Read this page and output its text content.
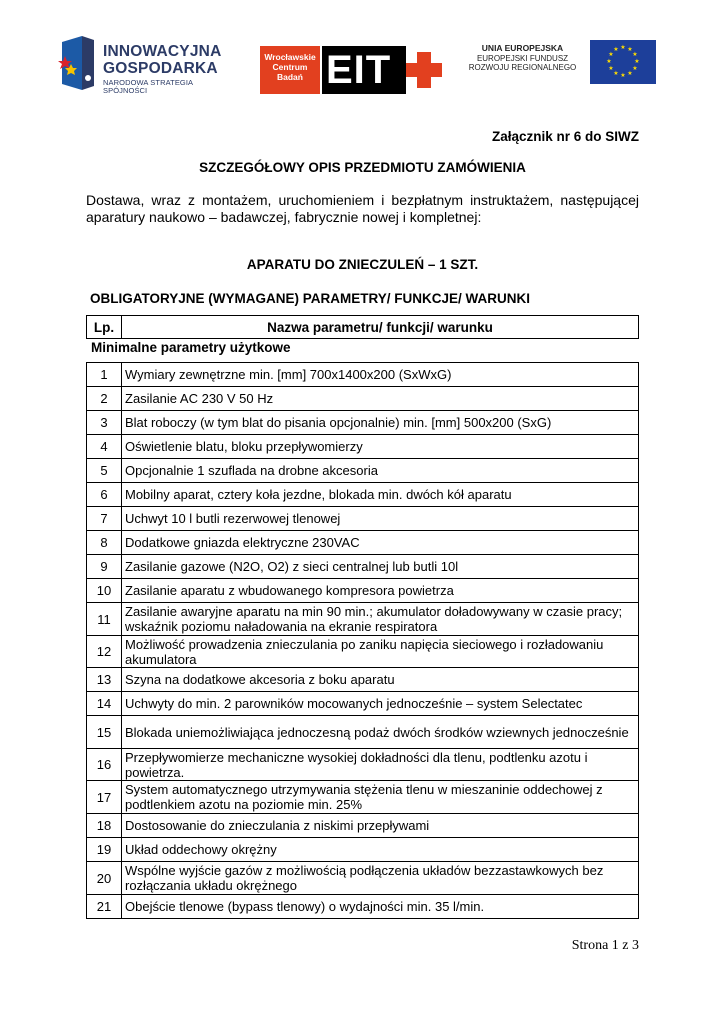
INNOWACYJNA
GOSPODARKA
NARODOWA STRATEGIA SPÓJNOŚCI
Wrocławskie
Centrum
Badań EIT	UNIA EUROPEJSKA
EUROPEJSKI FUNDUSZ
ROZWOJU REGIONALNEGO
★ ★
★
★
★
★
★
★
★
★
★
★
Załącznik nr 6 do SIWZ
SZCZEGÓŁOWY OPIS PRZEDMIOTU ZAMÓWIENIA

Dostawa, wraz z montażem, uruchomieniem i bezpłatnym instruktażem, następującej aparatury naukowo – badawczej, fabrycznie nowej i kompletnej:

APARATU DO ZNIECZULEŃ – 1 SZT.
OBLIGATORYJNE (WYMAGANE) PARAMETRY/ FUNKCJE/ WARUNKI
Lp.	Nazwa parametru/ funkcji/ warunku
Minimalne parametry użytkowe
1	Wymiary zewnętrzne min. [mm] 700x1400x200 (SxWxG)
2	Zasilanie AC 230 V 50 Hz
3	Blat roboczy (w tym blat do pisania opcjonalnie) min. [mm] 500x200 (SxG)
4	Oświetlenie blatu, bloku przepływomierzy
5	Opcjonalnie 1 szuflada na drobne akcesoria
6	Mobilny aparat, cztery koła jezdne, blokada min. dwóch kół aparatu
7	Uchwyt 10 l butli rezerwowej tlenowej
8	Dodatkowe gniazda elektryczne 230VAC
9	Zasilanie gazowe (N2O, O2) z sieci centralnej lub butli 10l
10	Zasilanie aparatu z wbudowanego kompresora powietrza
11	Zasilanie awaryjne aparatu na min 90 min.; akumulator doładowywany w czasie pracy; wskaźnik poziomu naładowania na ekranie respiratora
12	Możliwość prowadzenia znieczulania po zaniku napięcia sieciowego i rozładowaniu akumulatora
13	Szyna na dodatkowe akcesoria z boku aparatu
14	Uchwyty do min. 2 parowników mocowanych jednocześnie – system Selectatec
15	Blokada uniemożliwiająca jednoczesną podaż dwóch środków wziewnych jednocześnie
16	Przepływomierze mechaniczne wysokiej dokładności dla tlenu, podtlenku azotu i powietrza.
17	System automatycznego utrzymywania stężenia tlenu w mieszaninie oddechowej z podtlenkiem azotu na poziomie min. 25%
18	Dostosowanie do znieczulania z niskimi przepływami
19	Układ oddechowy okrężny
20	Wspólne wyjście gazów z możliwością podłączenia układów bezzastawkowych bez rozłączania układu okrężnego
21	Obejście tlenowe (bypass tlenowy) o wydajności min. 35 l/min.
Strona 1 z 3
